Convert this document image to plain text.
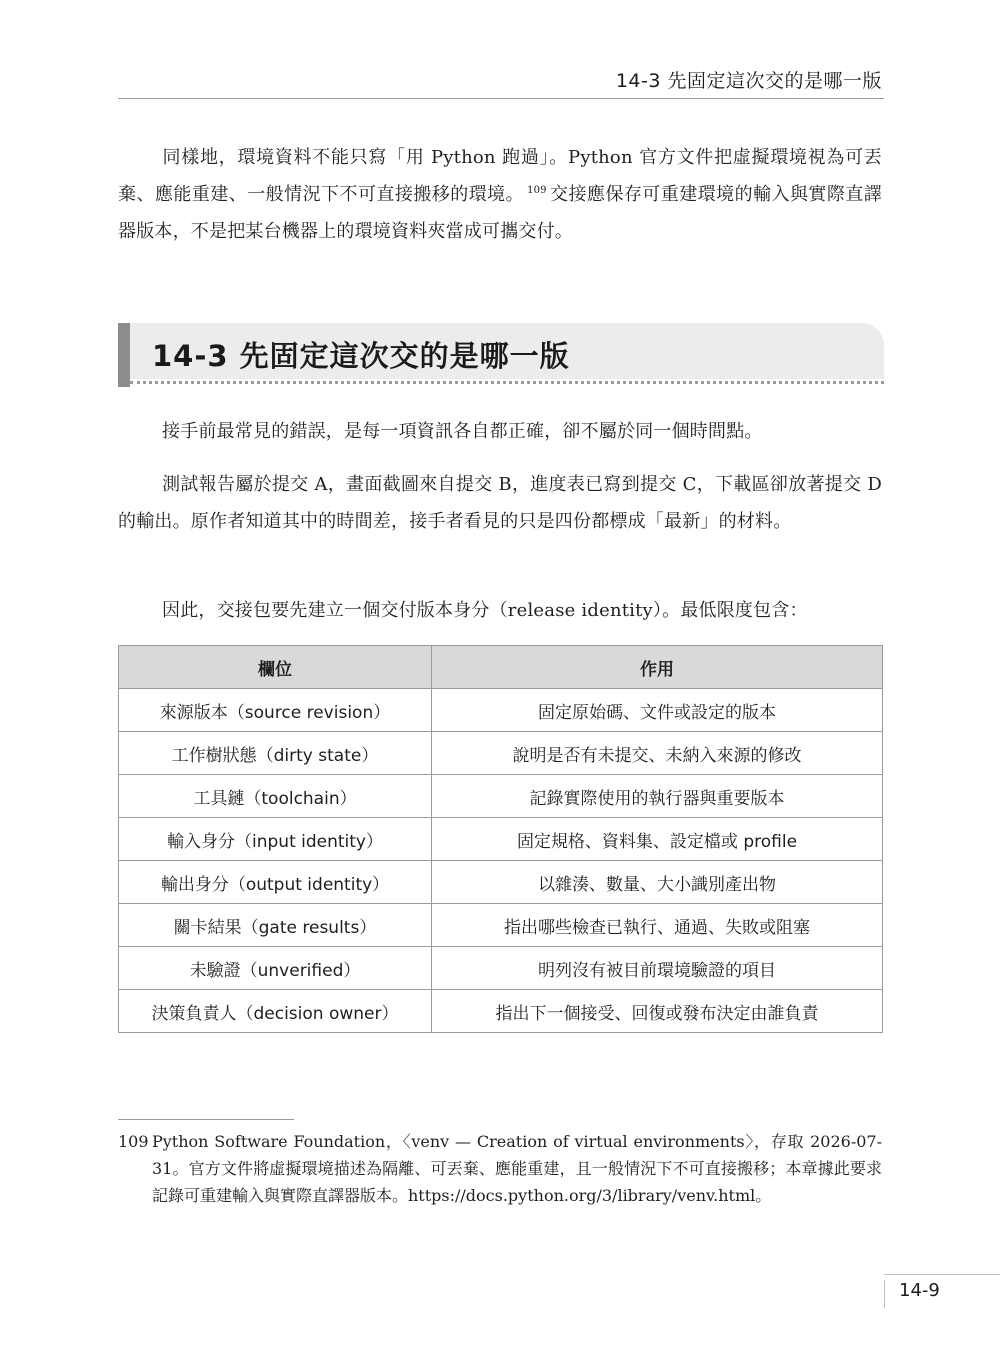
14-3 先固定這次交的是哪一版

同樣地，環境資料不能只寫「用 Python 跑過」。Python 官方文件把虛擬環境視為可丟棄、應能重建、一般情況下不可直接搬移的環境。 $^{109}$ 交接應保存可重建環境的輸入與實際直譯器版本，不是把某台機器上的環境資料夾當成可攜交付。

14-3 先固定這次交的是哪一版

接手前最常見的錯誤，是每一項資訊各自都正確，卻不屬於同一個時間點。

測試報告屬於提交 A，畫面截圖來自提交 B，進度表已寫到提交 C，下載區卻放著提交 D 的輸出。原作者知道其中的時間差，接手者看見的只是四份都標成「最新」的材料。

因此，交接包要先建立一個交付版本身分（release identity）。最低限度包含：

欄位	作用
來源版本（source revision）	固定原始碼、文件或設定的版本
工作樹狀態（dirty state）	說明是否有未提交、未納入來源的修改
工具鏈（toolchain）	記錄實際使用的執行器與重要版本
輸入身分（input identity）	固定規格、資料集、設定檔或 profile
輸出身分（output identity）	以雜湊、數量、大小識別產出物
關卡結果（gate results）	指出哪些檢查已執行、通過、失敗或阻塞
未驗證（unverified）	明列沒有被目前環境驗證的項目
決策負責人（decision owner）	指出下一個接受、回復或發布決定由誰負責
109 Python Software Foundation，〈venv — Creation of virtual environments〉，存取 2026-07-31。官方文件將虛擬環境描述為隔離、可丟棄、應能重建，且一般情況下不可直接搬移；本章據此要求記錄可重建輸入與實際直譯器版本。https://docs.python.org/3/library/venv.html。
14-9
